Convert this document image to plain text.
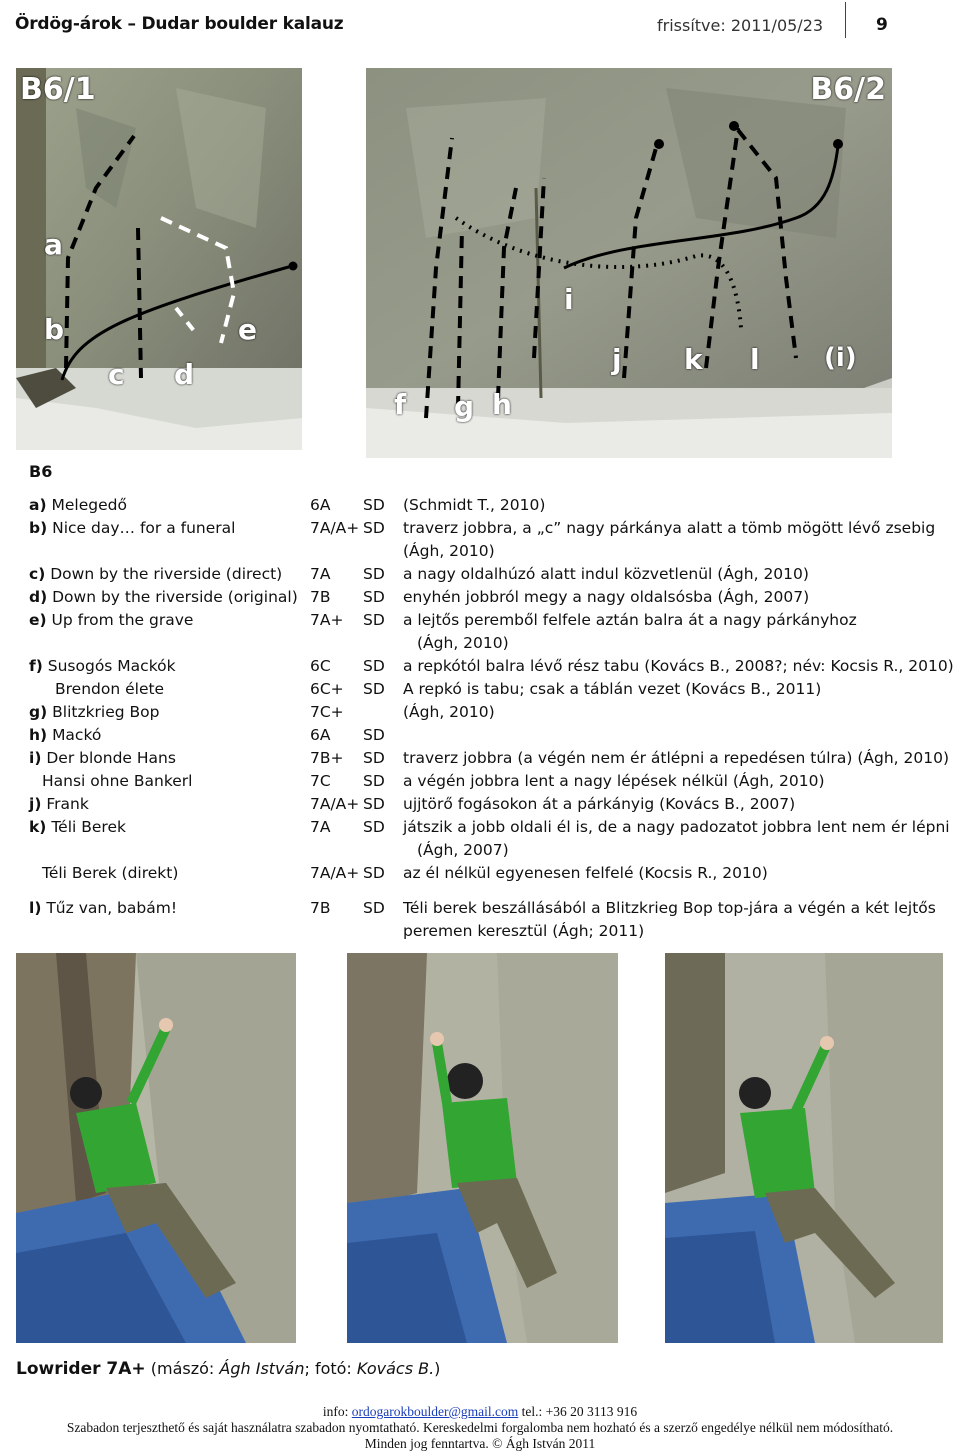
Ördög-árok – Dudar boulder kalauz	frissítve: 2011/05/23	9
B6/1
a
b
c d
e
B6/2
f g h
i
j k l (i)
B6
a) Melegedő	6A SD (Schmidt T., 2010)
b) Nice day… for a funeral	7A/A+ SD traverz jobbra, a „c” nagy párkánya alatt a tömb mögött lévő zsebig
(Ágh, 2010)
c) Down by the riverside (direct) 7A SD a nagy oldalhúzó alatt indul közvetlenül (Ágh, 2010)
d) Down by the riverside (original) 7B SD enyhén jobbról megy a nagy oldalsósba (Ágh, 2007)
e) Up from the grave	7A+ SD a lejtős peremből felfele aztán balra át a nagy párkányhoz
(Ágh, 2010)
f) Susogós Mackók	6C SD a repkótól balra lévő rész tabu (Kovács B., 2008?; név: Kocsis R., 2010)
Brendon élete	6C+ SD A repkó is tabu; csak a táblán vezet (Kovács B., 2011)
g) Blitzkrieg Bop	7C+	(Ágh, 2010)
h) Mackó	6A SD
i) Der blonde Hans	7B+ SD traverz jobbra (a végén nem ér átlépni a repedésen túlra) (Ágh, 2010)
Hansi ohne Bankerl	7C SD a végén jobbra lent a nagy lépések nélkül (Ágh, 2010)
j) Frank	7A/A+ SD ujjtörő fogásokon át a párkányig (Kovács B., 2007)
k) Téli Berek	7A SD játszik a jobb oldali él is, de a nagy padozatot jobbra lent nem ér lépni
(Ágh, 2007)
Téli Berek (direkt)	7A/A+ SD az él nélkül egyenesen felfelé (Kocsis R., 2010)
l) Tűz van, babám!	7B SD Téli berek beszállásából a Blitzkrieg Bop top-jára a végén a két lejtős
peremen keresztül (Ágh; 2011)
Lowrider 7A+ (mászó: Ágh István; fotó: Kovács B.)
info: ordogarokboulder@gmail.com tel.: +36 20 3113 916
Szabadon terjeszthető és saját használatra szabadon nyomtatható. Kereskedelmi forgalomba nem hozható és a szerző engedélye nélkül nem módosítható.
Minden jog fenntartva. © Ágh István 2011
